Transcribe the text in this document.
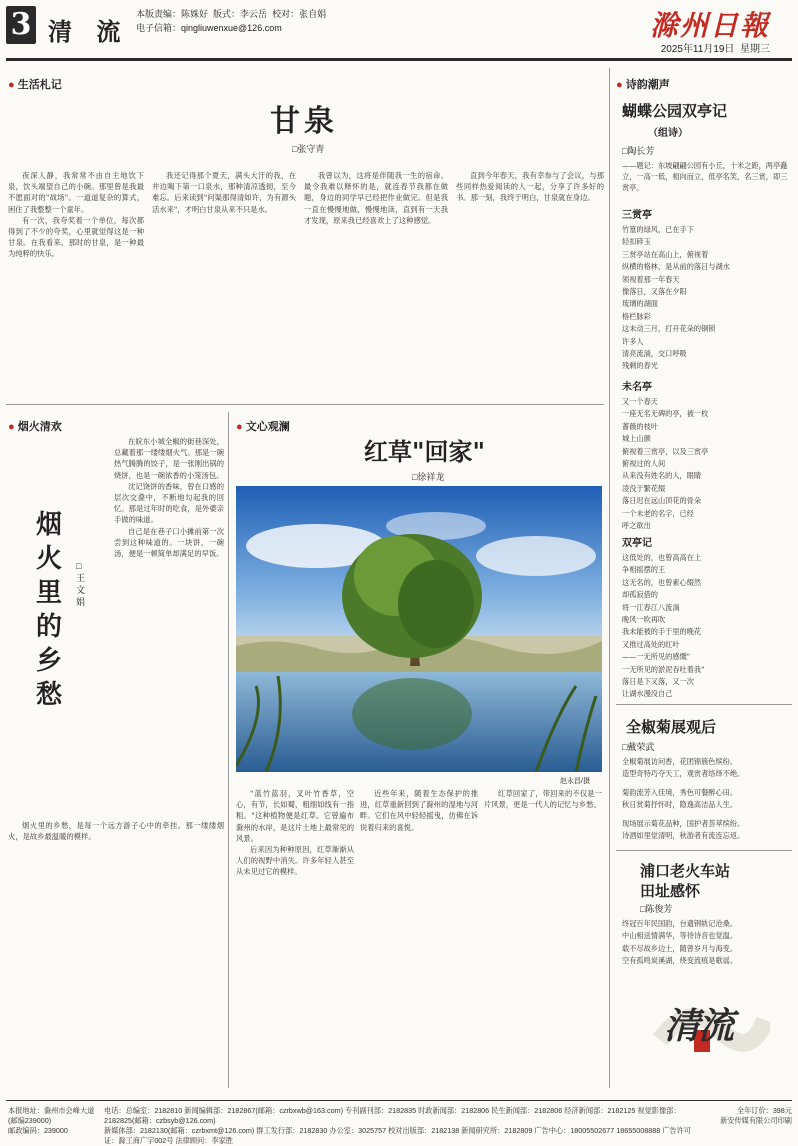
3 清 流
本版责编：陈姝好 版式：李云岳 校对：张自娟
电子信箱：qingliuwenxue@126.com	滁州日報
2025年11月19日 星期三
● 生活札记
甘泉
□张守青

夜深人静，我常常不由自主地饮下泉，饮头端望自己的小碗。那里曾是我最不愿面对的"战场"。一道道复杂的算式，困住了我整整一个童年。

有一次，我夸奖着一个单位，每次都得到了不少的夸奖，心里就觉得这是一种甘泉。在我看来，那时的甘泉，是一种最为纯粹的快乐。

我还记得那个夏天，满头大汗的我，在井边喝下第一口泉水，那种清凉透彻，至今难忘。后来读到"问渠那得清如许，为有源头活水来"，才明白甘泉从来不只是水。

我曾以为，这将是伴随我一生的宿命。最令我难以释怀的是，就连春节我都在做题，身边的同学早已经把作业做完。但是我一直在慢慢地做，慢慢地读，直到有一天我才发现，原来我已经喜欢上了这种感觉。

直到今年春天，我有幸参与了会议，与那些同样热爱阅读的人一起，分享了许多好的书。那一刻，我终于明白，甘泉就在身边。

● 烟火清欢
烟火里的乡愁
□王文娟

在皖东小城全椒的街巷深处，总藏着那一缕缕烟火气。那是一碗热气腾腾的饺子，是一张刚出锅的烧饼，也是一碗浓香的小笼汤包。

沈记饶饼的香味，曾在口感的层次交叠中，不断地勾起我的回忆。那是过年时的吃食，是外婆亲手做的味道。

自己是在巷子口小摊前第一次尝到这种味道的。一块饼，一碗汤，便是一顿简单却满足的早饭。

烟火里的乡愁，是每一个远方游子心中的牵挂。那一缕缕烟火，是故乡最温暖的模样。

● 文心观澜
红草"回家"
□徐祥龙
赵永昌/摄

"蓝竹蓝羽，叉叶竹香草，空心，有节，长如蜀，粗细如线有一指粗。"这种植物便是红草。它曾遍布滁州的水岸，是这片土地上最常见的风景。

后来因为种种原因，红草渐渐从人们的视野中消失。许多年轻人甚至从未见过它的模样。

近些年来，随着生态保护的推进，红草重新回到了滁州的湿地与河畔。它们在风中轻轻摇曳，仿佛在诉说着归来的喜悦。

红草回家了，带回来的不仅是一片风景，更是一代人的记忆与乡愁。

● 诗韵潮声
蝴蝶公园双亭记
（组诗）
□陶长芳
——题记：东坡翩翩公园有小丘，十米之距，两亭矗立，一高一低，相向而立，低亭名笑，名三赏，即三赏亭。
三赏亭
竹篁的绿风，已在手下
轻扣碎玉
三赏亭站在高山上，俯视着
纵横的格林，是从前的落日与湖水
领视着那一年春天
像落日，又落在夕阳
琉璃的湖面
格栏脉彩
这未动三月，打开花朵的铜锁
许多人
清亮流淌，交口呼吸
残剩的春光
未名亭
又一个春天
一座无名无碑的亭，被一枚
蔷薇的枝叶
城上山颜
俯视着三赏亭，以及三赏亭
俯视过的人间
从来没有姓名的人，眼睛
凌没于繁花缀
落日迟在远山顶花的骨朵
一个未老的名字，已经
呼之欲出
双亭记
这低处的，也曾高高在上
争相摇摆的王
这无名的，也曾素心缀然
却孤寂借的
将一江春江八流淌
晚风一吹再吹
我未能被的手于里的晚花
又推过高处的红叶
——一无所见的感慨"
一无所见的淤泥吞吐着我"
落日是下又落，又一次
让湖水漫没自己
全椒菊展观后
□戴荣武
全椒菊展访问香，花团锦簇色缤纷。
造型奇特巧夺天工，观赏者络绎不绝。
菊韵流芳入佳境，秀色可餐醉心田。
秋日赏菊抒怀时，隐逸高洁品人生。
现场展示菊花品种，国护者荟萃缤纷。
诗酒如里觉清明，秋游者有流连忘返。
浦口老火车站
田址感怀
□陈俊芳
终冠百年民国韵，台遗钢轨记沧桑。
中山相送情满华，等待诗音也觉温。
载不尽故乡边土，随曾岁月与海变。
空有孤鸣炭溪湖，绕变流痕是歌谣。
清流
本报地址：滁州市会峰大道(邮编239000)
邮政编码：239000
电话：总编室：2182810 新闻编辑部：2182867(邮箱：czrbxwb@163.com) 专刊副刊部：2182835 时政新闻部：2182806 民生新闻部：2182806 经济新闻部：2182125 视觉影像部：2182825(邮箱：czbsyb@126.com)
新媒体部：2182130(邮箱：czrbxmt@126.com) 群工发行部：2182830 办公室：3025757 校对出版部：2182138 新闻研究所：2182809 广告中心：18005502677 18655008888 广告许可证：滁工商广字002号 法律顾问：李家胜
全年订价：398元
新安传媒有限公司印刷
